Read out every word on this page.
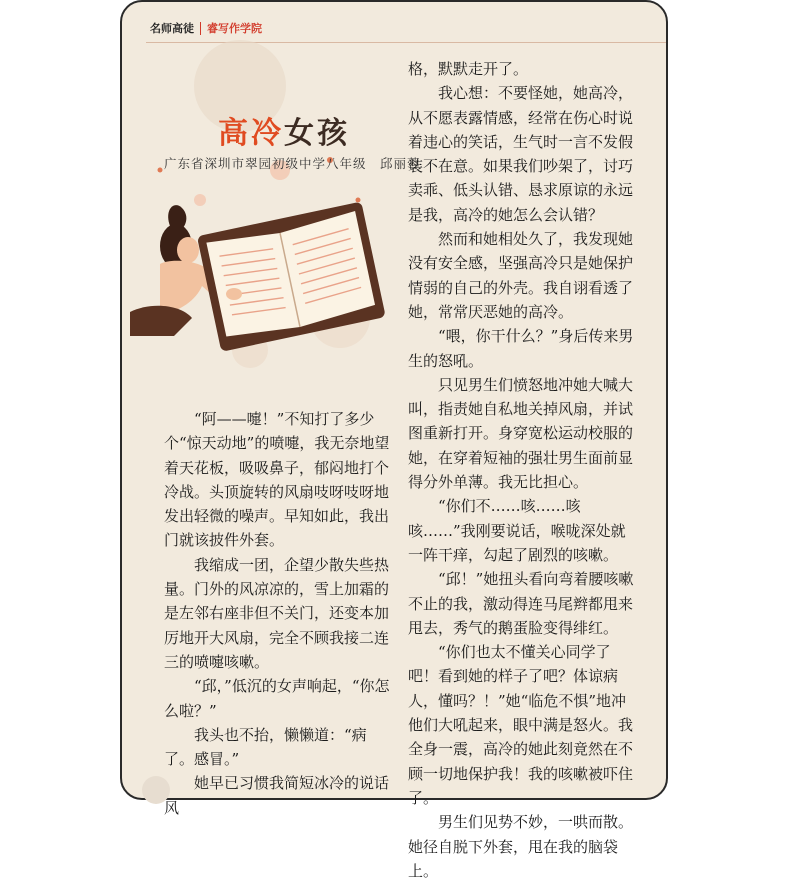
名师高徒 睿写作学院
高冷女孩
广东省深圳市翠园初级中学八年级　邱丽蓉

“阿——嚏！”不知打了多少个“惊天动地”的喷嚏，我无奈地望着天花板，吸吸鼻子，郁闷地打个冷战。头顶旋转的风扇吱呀吱呀地发出轻微的噪声。早知如此，我出门就该披件外套。

我缩成一团，企望少散失些热量。门外的风凉凉的，雪上加霜的是左邻右座非但不关门，还变本加厉地开大风扇，完全不顾我接二连三的喷嚏咳嗽。

“邱，”低沉的女声响起，“你怎么啦？”

我头也不抬，懒懒道：“病了。感冒。”

她早已习惯我简短冰冷的说话风

格，默默走开了。

我心想：不要怪她，她高冷，从不愿表露情感，经常在伤心时说着违心的笑话，生气时一言不发假装不在意。如果我们吵架了，讨巧卖乖、低头认错、恳求原谅的永远是我，高冷的她怎么会认错？

然而和她相处久了，我发现她没有安全感，坚强高冷只是她保护情弱的自己的外壳。我自诩看透了她，常常厌恶她的高冷。

“喂，你干什么？”身后传来男生的怒吼。

只见男生们愤怒地冲她大喊大叫，指责她自私地关掉风扇，并试图重新打开。身穿宽松运动校服的她，在穿着短袖的强壮男生面前显得分外单薄。我无比担心。

“你们不……咳……咳咳……”我刚要说话，喉咙深处就一阵干痒，勾起了剧烈的咳嗽。

“邱！”她扭头看向弯着腰咳嗽不止的我，激动得连马尾辫都甩来甩去，秀气的鹅蛋脸变得绯红。

“你们也太不懂关心同学了吧！看到她的样子了吧？体谅病人，懂吗？！”她“临危不惧”地冲他们大吼起来，眼中满是怒火。我全身一震，高冷的她此刻竟然在不顾一切地保护我！我的咳嗽被吓住了。

男生们见势不妙，一哄而散。她径自脱下外套，甩在我的脑袋上。
